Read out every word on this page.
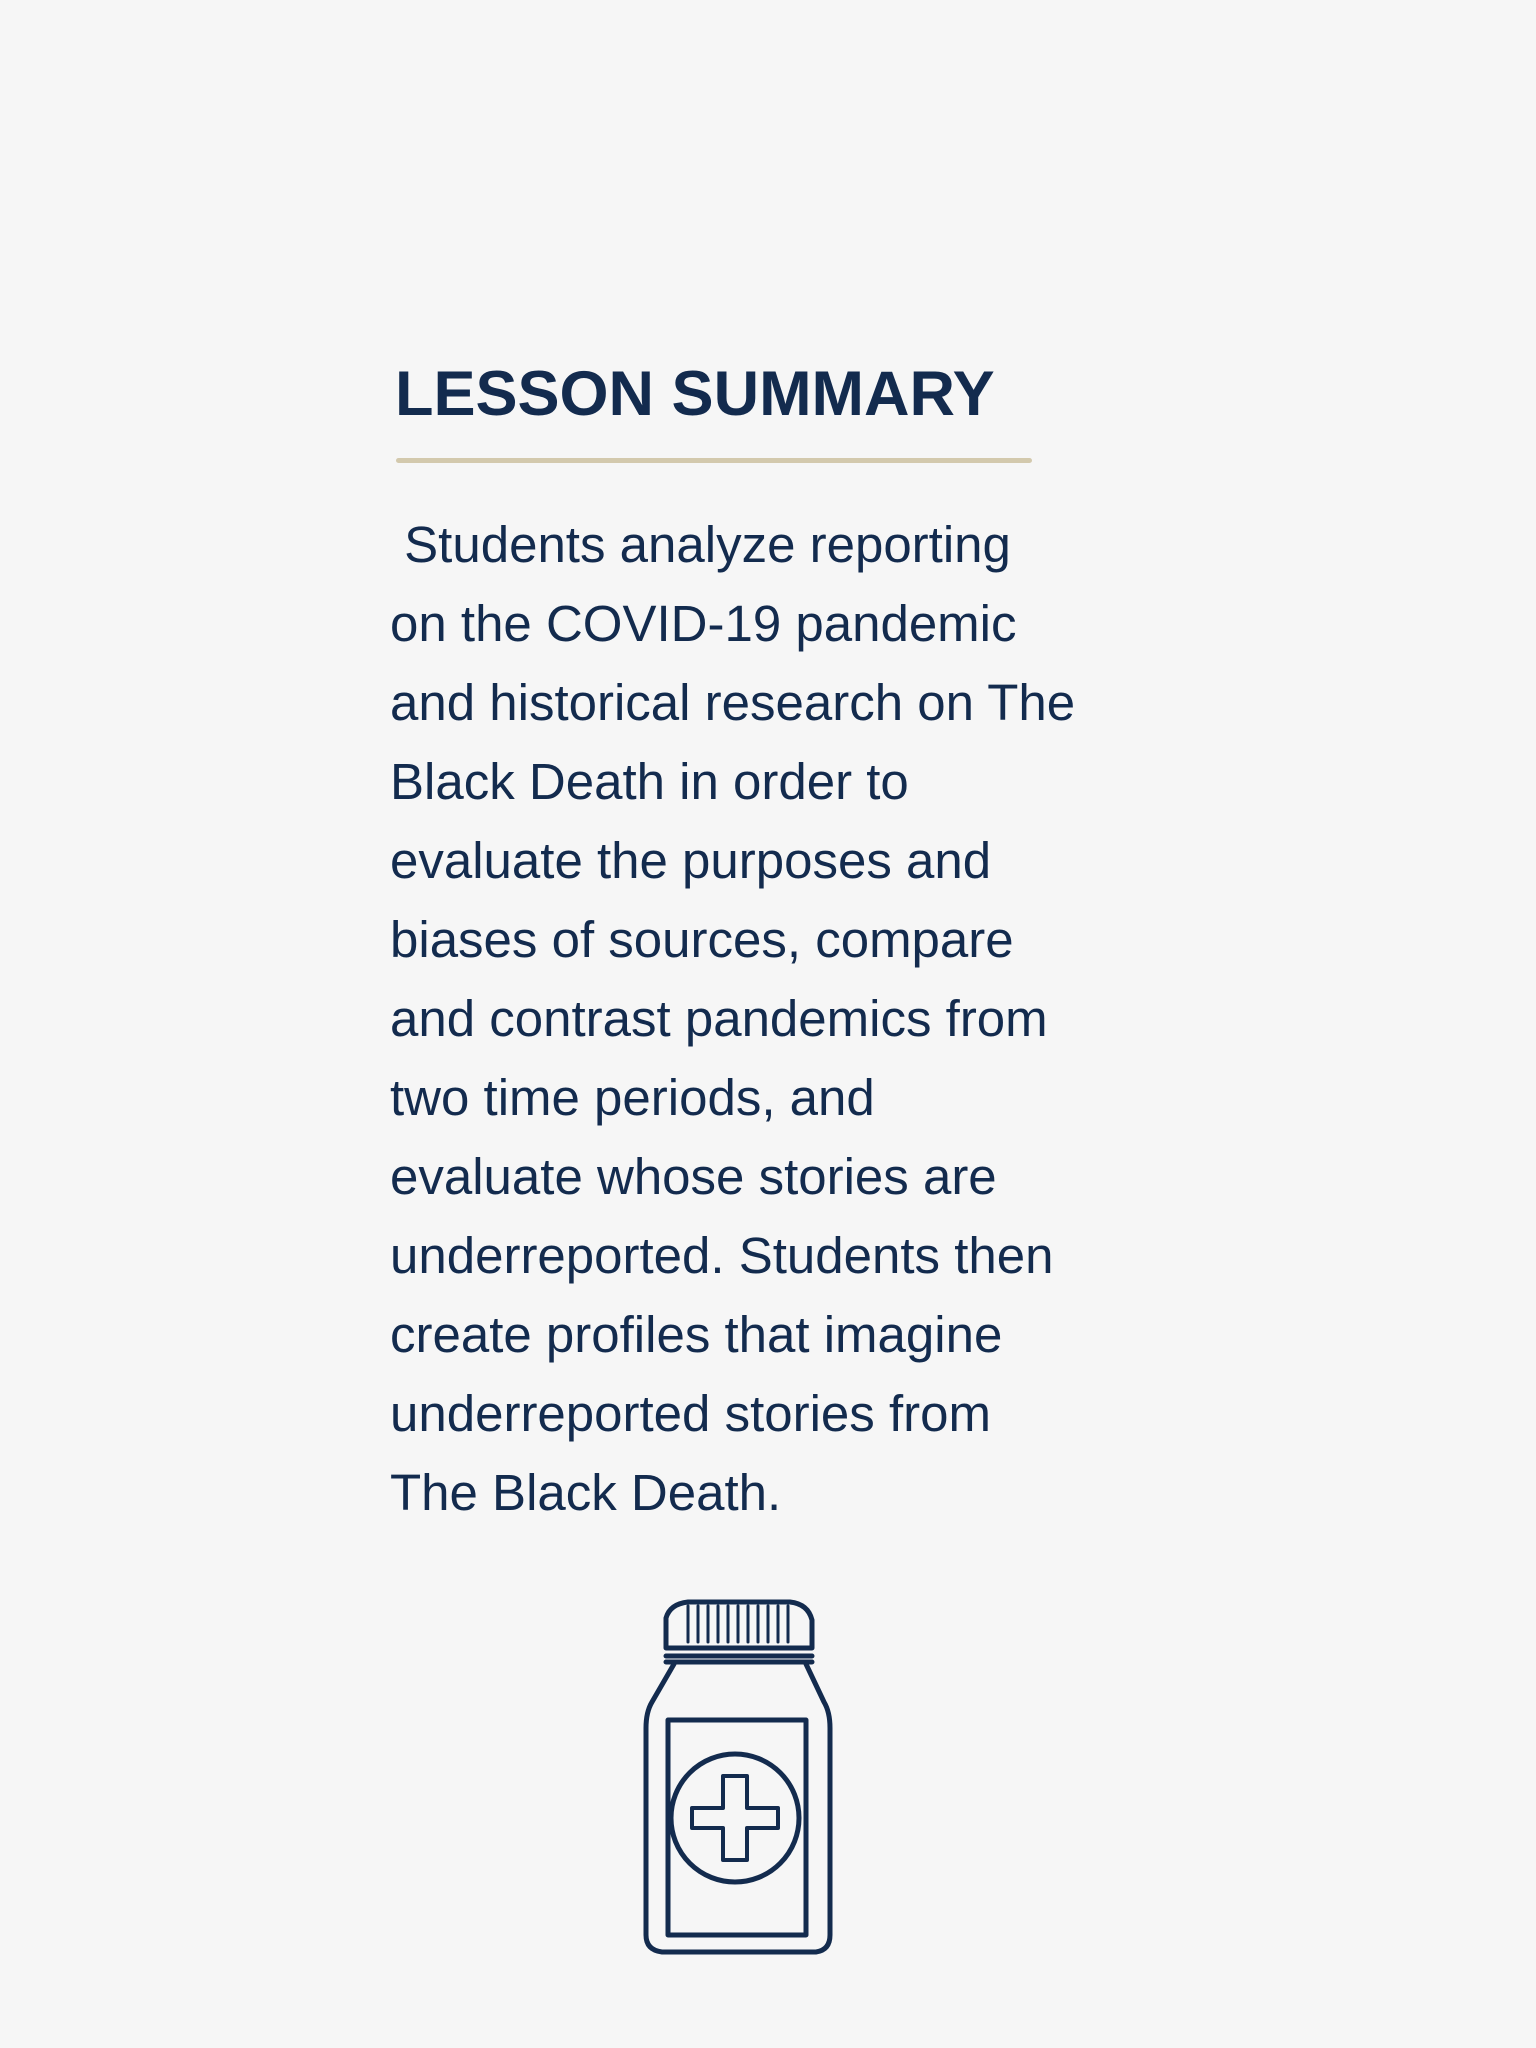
LESSON SUMMARY
Students analyze reporting
on the COVID-19 pandemic
and historical research on The
Black Death in order to
evaluate the purposes and
biases of sources, compare
and contrast pandemics from
two time periods, and
evaluate whose stories are
underreported. Students then
create profiles that imagine
underreported stories from
The Black Death.
